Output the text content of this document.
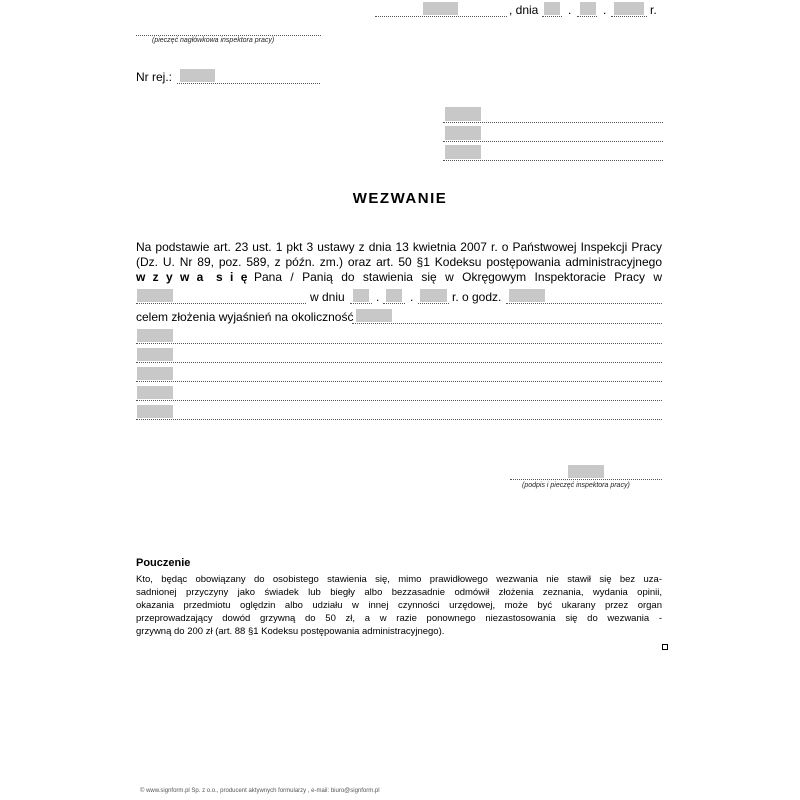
, dnia .	.	r.
(pieczęć nagłówkowa inspektora pracy)
Nr rej.:
WEZWANIE
Na podstawie art. 23 ust. 1 pkt 3 ustawy z dnia 13 kwietnia 2007 r. o Państwowej Inspekcji Pracy
(Dz. U. Nr 89, poz. 589, z późn. zm.) oraz art. 50 §1 Kodeksu postępowania administracyjnego
w z y w a  s i ę Pana / Panią do stawienia się w Okręgowym Inspektoracie Pracy w
w dniu	.	.	r. o godz.
celem złożenia wyjaśnień na okoliczność
(podpis i pieczęć inspektora pracy)
Pouczenie
Kto, będąc obowiązany do osobistego stawienia się, mimo prawidłowego wezwania nie stawił się bez uza-
sadnionej przyczyny jako świadek lub biegły albo bezzasadnie odmówił złożenia zeznania, wydania opinii,
okazania przedmiotu oględzin albo udziału w innej czynności urzędowej, może być ukarany przez organ
przeprowadzający dowód grzywną do 50 zł, a w razie ponownego niezastosowania się do wezwania -
grzywną do 200 zł (art. 88 §1 Kodeksu postępowania administracyjnego).
© www.signform.pl Sp. z o.o., producent aktywnych formularzy , e-mail: biuro@signform.pl
